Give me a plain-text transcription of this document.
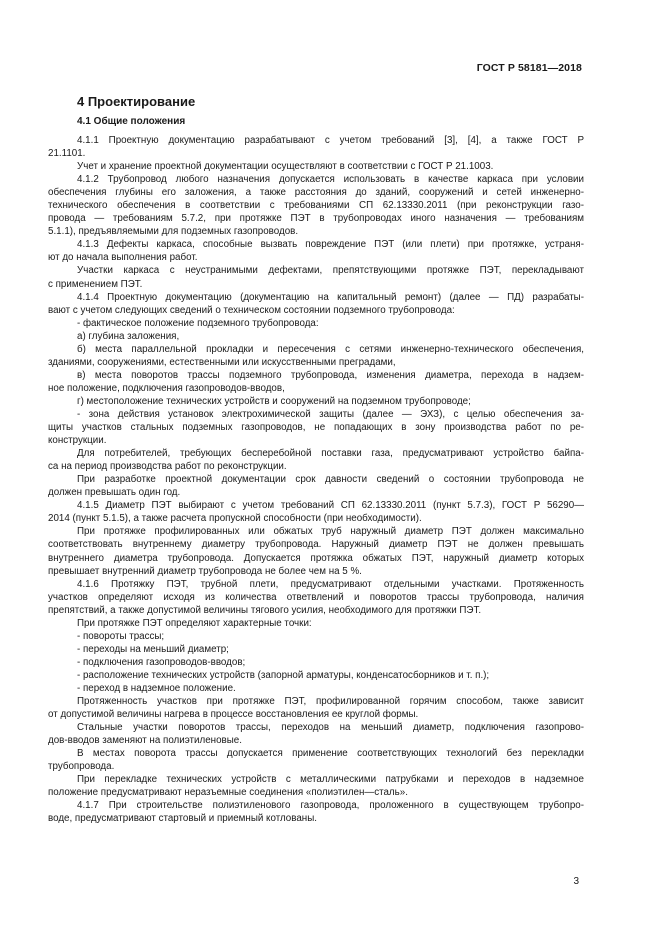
ГОСТ Р 58181—2018
4 Проектирование
4.1 Общие положения
4.1.1 Проектную документацию разрабатывают с учетом требований [3], [4], а также ГОСТ Р
21.1101.
Учет и хранение проектной документации осуществляют в соответствии с ГОСТ Р 21.1003.
4.1.2 Трубопровод любого назначения допускается использовать в качестве каркаса при условии
обеспечения глубины его заложения, а также расстояния до зданий, сооружений и сетей инженерно-
технического обеспечения в соответствии с требованиями СП 62.13330.2011 (при реконструкции газо-
провода — требованиям 5.7.2, при протяжке ПЭТ в трубопроводах иного назначения — требованиям
5.1.1), предъявляемыми для подземных газопроводов.
4.1.3 Дефекты каркаса, способные вызвать повреждение ПЭТ (или плети) при протяжке, устраня-
ют до начала выполнения работ.
Участки каркаса с неустранимыми дефектами, препятствующими протяжке ПЭТ, перекладывают
с применением ПЭТ.
4.1.4 Проектную документацию (документацию на капитальный ремонт) (далее — ПД) разрабаты-
вают с учетом следующих сведений о техническом состоянии подземного трубопровода:
- фактическое положение подземного трубопровода:
а) глубина заложения,
б) места параллельной прокладки и пересечения с сетями инженерно-технического обеспечения,
зданиями, сооружениями, естественными или искусственными преградами,
в) места поворотов трассы подземного трубопровода, изменения диаметра, перехода в надзем-
ное положение, подключения газопроводов-вводов,
г) местоположение технических устройств и сооружений на подземном трубопроводе;
- зона действия установок электрохимической защиты (далее — ЭХЗ), с целью обеспечения за-
щиты участков стальных подземных газопроводов, не попадающих в зону производства работ по ре-
конструкции.
Для потребителей, требующих бесперебойной поставки газа, предусматривают устройство байпа-
са на период производства работ по реконструкции.
При разработке проектной документации срок давности сведений о состоянии трубопровода не
должен превышать один год.
4.1.5 Диаметр ПЭТ выбирают с учетом требований СП 62.13330.2011 (пункт 5.7.3), ГОСТ Р 56290—
2014 (пункт 5.1.5), а также расчета пропускной способности (при необходимости).
При протяжке профилированных или обжатых труб наружный диаметр ПЭТ должен максимально
соответствовать внутреннему диаметру трубопровода. Наружный диаметр ПЭТ не должен превышать
внутреннего диаметра трубопровода. Допускается протяжка обжатых ПЭТ, наружный диаметр которых
превышает внутренний диаметр трубопровода не более чем на 5 %.
4.1.6 Протяжку ПЭТ, трубной плети, предусматривают отдельными участками. Протяженность
участков определяют исходя из количества ответвлений и поворотов трассы трубопровода, наличия
препятствий, а также допустимой величины тягового усилия, необходимого для протяжки ПЭТ.
При протяжке ПЭТ определяют характерные точки:
- повороты трассы;
- переходы на меньший диаметр;
- подключения газопроводов-вводов;
- расположение технических устройств (запорной арматуры, конденсатосборников и т. п.);
- переход в надземное положение.
Протяженность участков при протяжке ПЭТ, профилированной горячим способом, также зависит
от допустимой величины нагрева в процессе восстановления ее круглой формы.
Стальные участки поворотов трассы, переходов на меньший диаметр, подключения газопрово-
дов-вводов заменяют на полиэтиленовые.
В местах поворота трассы допускается применение соответствующих технологий без перекладки
трубопровода.
При перекладке технических устройств с металлическими патрубками и переходов в надземное
положение предусматривают неразъемные соединения «полиэтилен—сталь».
4.1.7 При строительстве полиэтиленового газопровода, проложенного в существующем трубопро-
воде, предусматривают стартовый и приемный котлованы.
3
